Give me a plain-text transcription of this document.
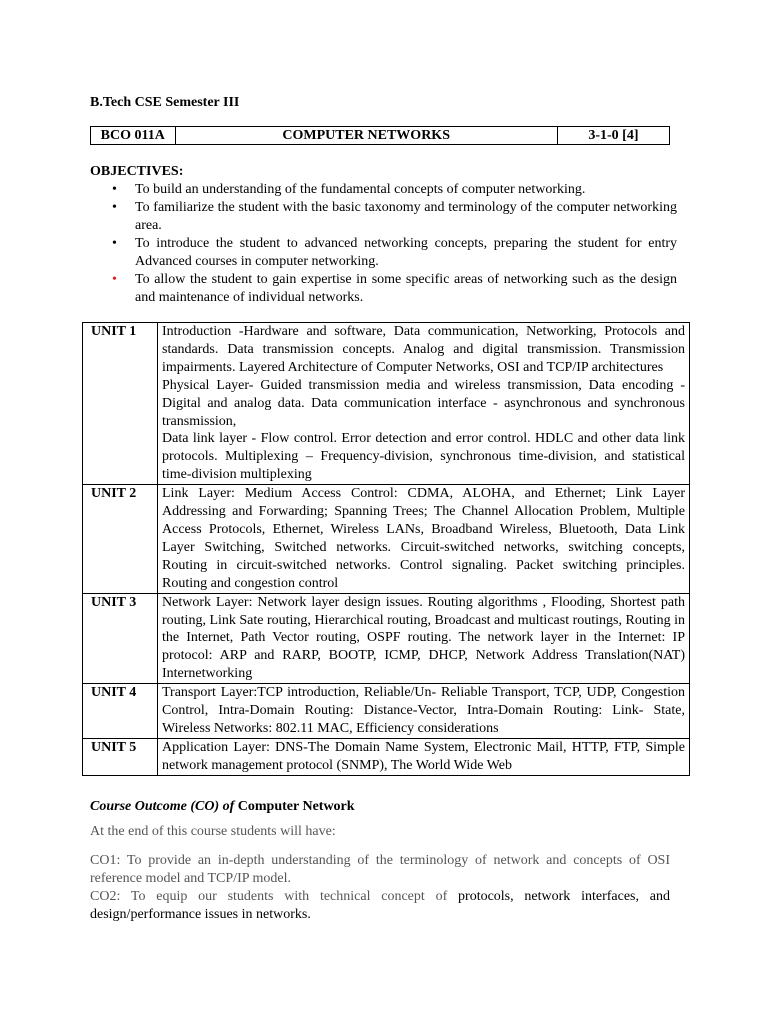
B.Tech CSE Semester III
BCO 011A	COMPUTER NETWORKS	3-1-0 [4]
OBJECTIVES:
• To build an understanding of the fundamental concepts of computer networking.
• To familiarize the student with the basic taxonomy and terminology of the computer networking area.
• To introduce the student to advanced networking concepts, preparing the student for entry Advanced courses in computer networking.
• To allow the student to gain expertise in some specific areas of networking such as the design and maintenance of individual networks.
UNIT 1	Introduction -Hardware and software, Data communication, Networking, Protocols and standards. Data transmission concepts. Analog and digital transmission. Transmission impairments. Layered Architecture of Computer Networks, OSI and TCP/IP architectures

Physical Layer- Guided transmission media and wireless transmission, Data encoding - Digital and analog data. Data communication interface - asynchronous and synchronous transmission,

Data link layer - Flow control. Error detection and error control. HDLC and other data link protocols. Multiplexing – Frequency-division, synchronous time-division, and statistical time-division multiplexing

UNIT 2	Link Layer: Medium Access Control: CDMA, ALOHA, and Ethernet; Link Layer Addressing and Forwarding; Spanning Trees; The Channel Allocation Problem, Multiple Access Protocols, Ethernet, Wireless LANs, Broadband Wireless, Bluetooth, Data Link Layer Switching, Switched networks. Circuit-switched networks, switching concepts, Routing in circuit-switched networks. Control signaling. Packet switching principles. Routing and congestion control

UNIT 3	Network Layer: Network layer design issues. Routing algorithms , Flooding, Shortest path routing, Link Sate routing, Hierarchical routing, Broadcast and multicast routings, Routing in the Internet, Path Vector routing, OSPF routing. The network layer in the Internet: IP protocol: ARP and RARP, BOOTP, ICMP, DHCP, Network Address Translation(NAT) Internetworking

UNIT 4	Transport Layer:TCP introduction, Reliable/Un- Reliable Transport, TCP, UDP, Congestion Control, Intra-Domain Routing: Distance-Vector, Intra-Domain Routing: Link- State, Wireless Networks: 802.11 MAC, Efficiency considerations

UNIT 5	Application Layer: DNS-The Domain Name System, Electronic Mail, HTTP, FTP, Simple network management protocol (SNMP), The World Wide Web

Course Outcome (CO) of Computer Network
At the end of this course students will have:

CO1: To provide an in-depth understanding of the terminology of network and concepts of OSI reference model and TCP/IP model.

CO2: To equip our students with technical concept of protocols, network interfaces, and design/performance issues in networks.
